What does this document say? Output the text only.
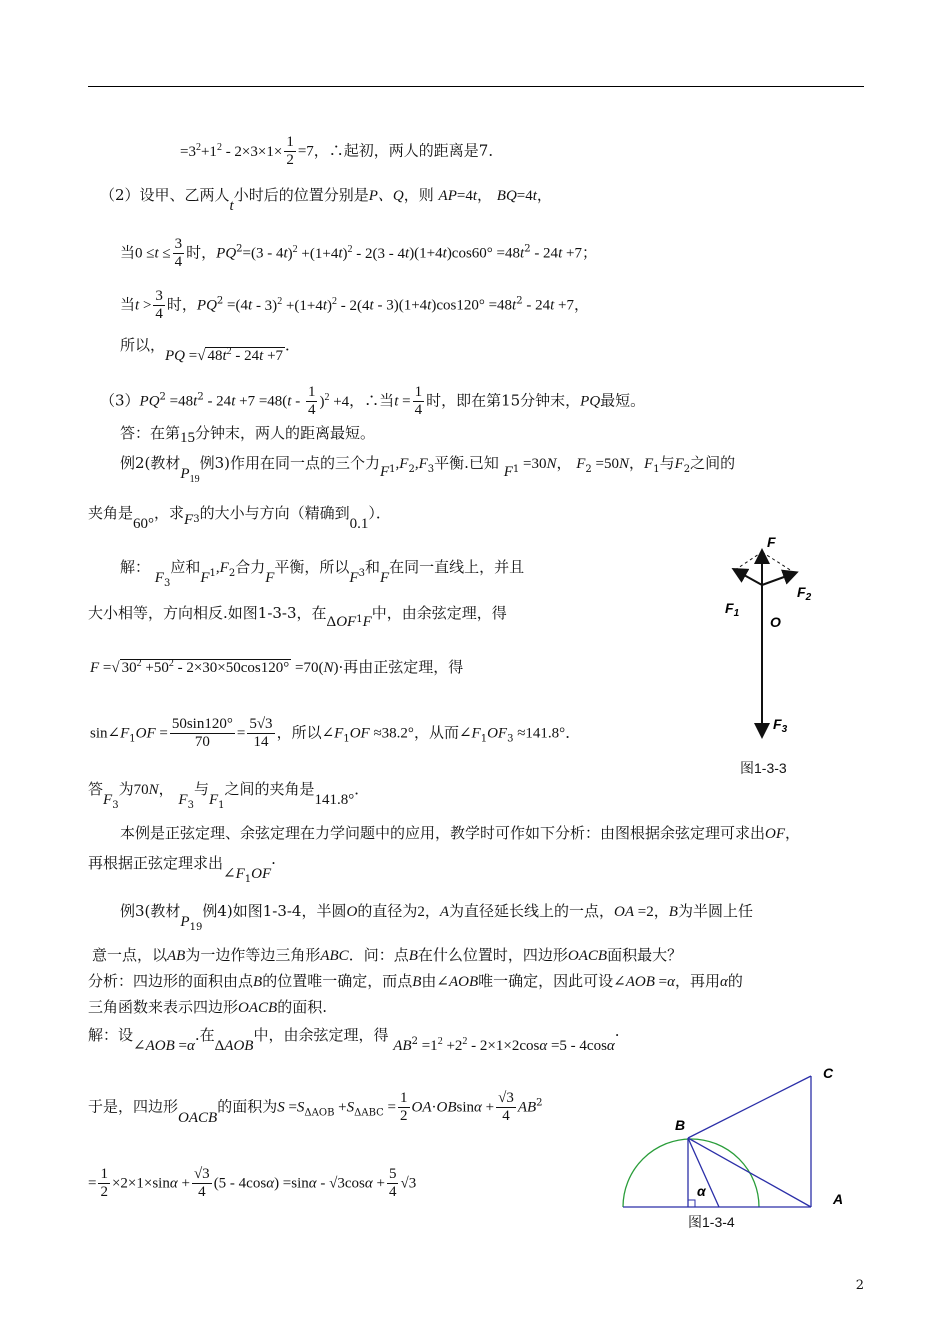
$=3^2+1^2 - 2\times 3\times 1\times \frac{1}{2} =7$，∴起初，两人的距离是7．
（2）设甲、乙两人t小时后的位置分别是P、Q，则 AP=4t， BQ=4t，
当$0 \le t \le \frac{3}{4}$ 时，$PQ^2=(3 - 4t)^2 +(1+4t)^2 - 2(3 - 4t)(1+4t)\cos 60^\circ =48t^2 - 24t +7$；
当$t > \frac{3}{4}$ 时，$PQ^2 =(4t - 3)^2 +(1+4t)^2 - 2(4t - 3)(1+4t)\cos 120^\circ =48t^2 - 24t +7$，
所以，PQ =√ $48t^2 - 24t +7$．
$(3)PQ^2 =48t^2 - 24t +7 =48(t - \frac{1}{4} )^2 +4$，∴当$t = \frac{1}{4}$ 时，即在第15分钟末，PQ最短。
答：在第15分钟末，两人的距离最短。
例2(教材$P_{19}$例3)作用在同一点的三个力$F_1,F_2,F_3$平衡.已知 $F_1 =30N$， $F_2 =50N$，$F_1$与$F_2$之间的
夹角是60°，求$F_3$的大小与方向（精确到0.1）．
解： $F_3$应和$F_1,F_2$合力F平衡，所以$F_3$和F在同一直线上，并且
大小相等，方向相反.如图1-3-3，在$\Delta OF_1F$中，由余弦定理，得
F =√ $30^2 +50^2 - 2\times 30\times 50\cos 120^\circ =70(N)\cdot$再由正弦定理，得
$\sin\angle F_1OF = \frac{50\sin 120^\circ}{70} = \frac{5√3}{14}$ ，所以$\angle F_1OF \approx 38.2^\circ$，从而$\angle F_1OF_3 \approx 141.8^\circ$．
答$F_3$为70N， $F_3$与$F_1$之间的夹角是141.8°．
本例是正弦定理、余弦定理在力学问题中的应用，教学时可作如下分析：由图根据余弦定理可求出OF，
再根据正弦定理求出$\angle F_1OF\cdot$
例3(教材$P_{19}$例4)如图1-3-4，半圆O的直径为2，A为直径延长线上的一点，OA =2，B为半圆上任
意一点，以AB为一边作等边三角形ABC．问：点B在什么位置时，四边形OACB面积最大？
分析：四边形的面积由点B的位置唯一确定，而点B由∠AOB唯一确定，因此可设∠AOB =α，再用α的
三角函数来表示四边形OACB的面积.
解：设∠AOB =α.在ΔAOB中，由余弦定理，得 $AB^2 =1^2 +2^2 - 2\times 1\times 2\cos\alpha =5 - 4\cos\alpha\cdot$
于是，四边形OACB的面积为$S =S_{\Delta AOB} +S_{\Delta ABC} = \frac{1}{2} OA\cdot OBsin\alpha + \frac{√3}{4} AB^2$
= $\frac{1}{2} \times 2\times 1\times\sin\alpha + \frac{√3}{4} (5 - 4\cos\alpha) =\sin\alpha - √3\cos\alpha + \frac{5}{4} √3$
F
$F_1$
$F_2$
O
$F_3$
图1-3-3
C
B
α	A
图1-3-4
2
